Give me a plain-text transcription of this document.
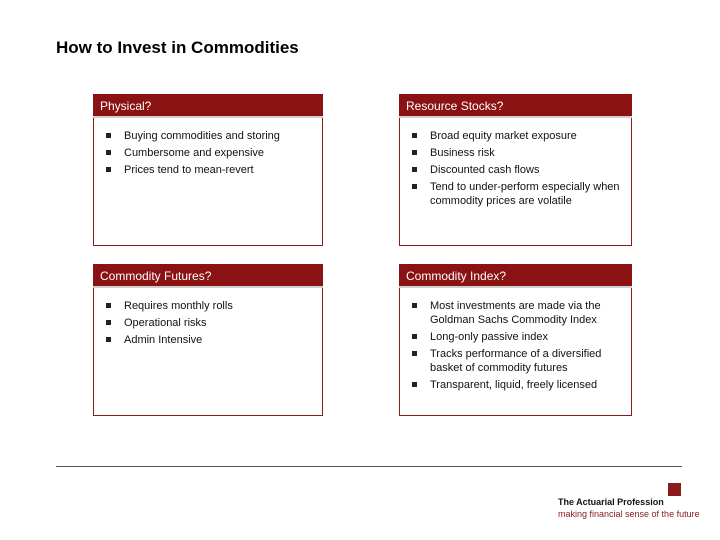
How to Invest in Commodities
Physical?
Buying commodities and storing
Cumbersome and expensive
Prices tend to mean-revert
Resource Stocks?
Broad equity market exposure
Business risk
Discounted cash flows
Tend to under-perform especially when commodity prices are volatile
Commodity Futures?
Requires monthly rolls
Operational risks
Admin Intensive
Commodity Index?
Most investments are made via the Goldman Sachs Commodity Index
Long-only passive index
Tracks performance of a diversified basket of commodity futures
Transparent, liquid, freely licensed
The Actuarial Profession
making financial sense of the future
